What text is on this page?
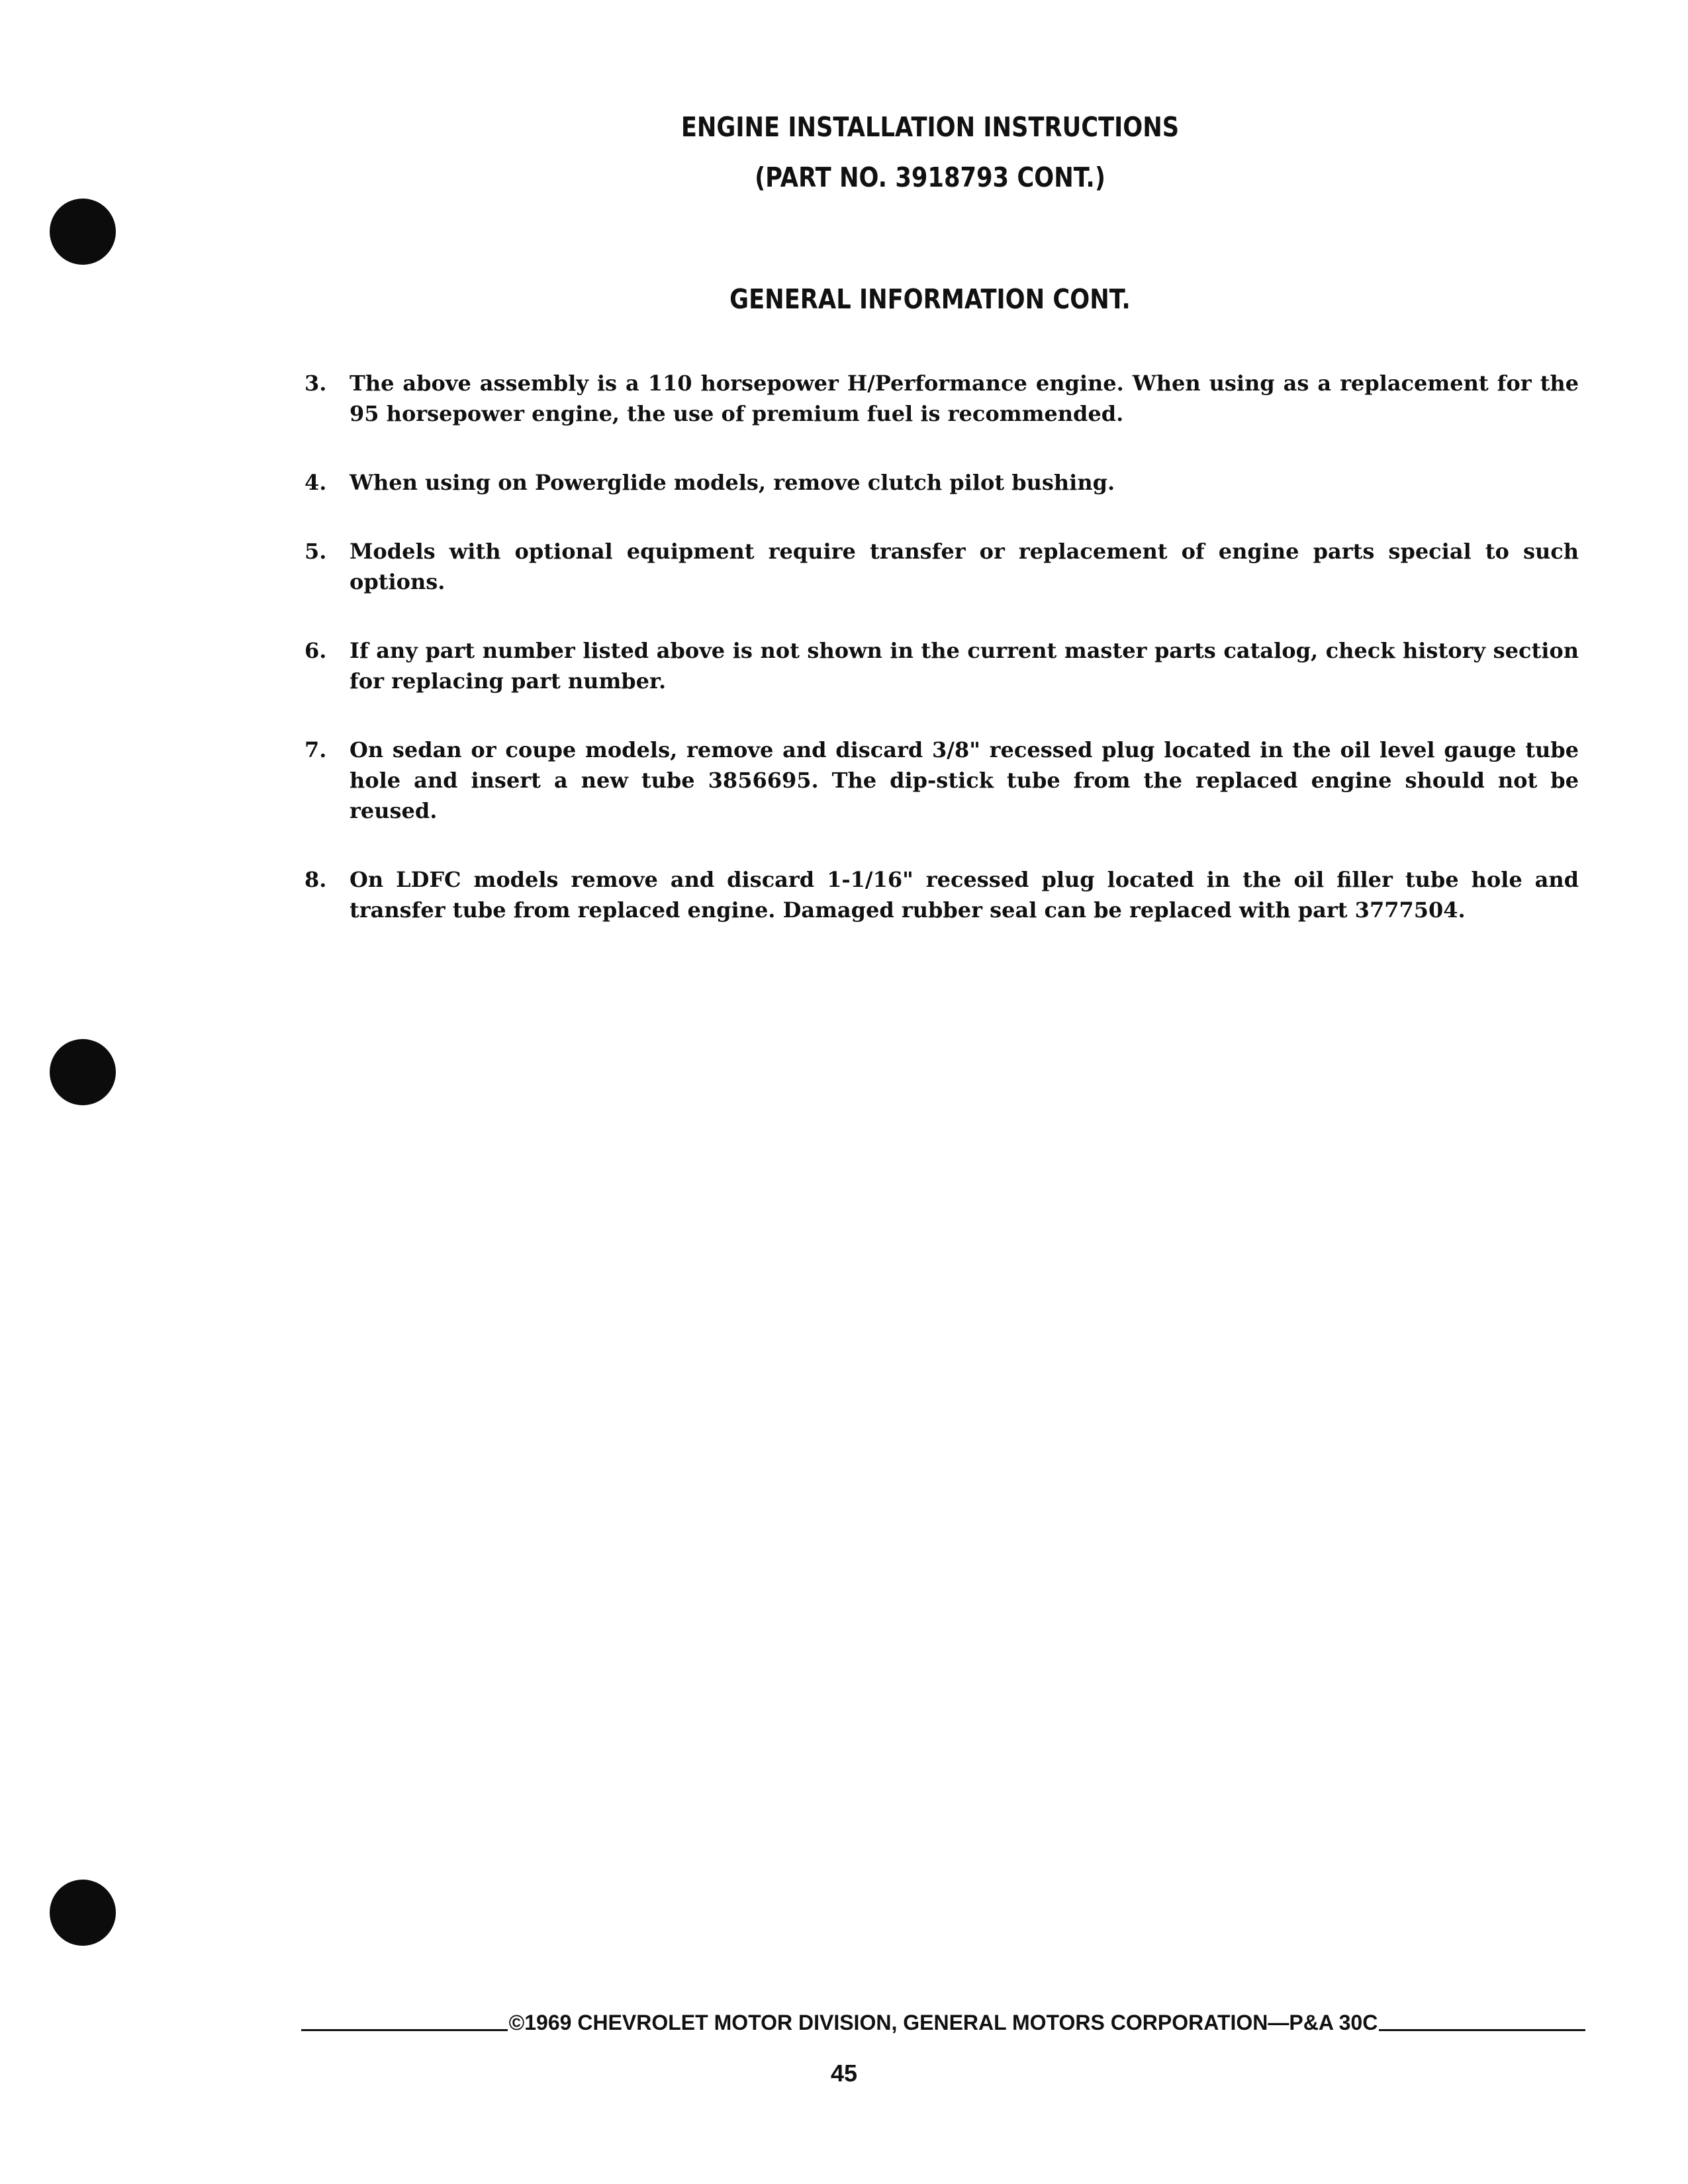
ENGINE INSTALLATION INSTRUCTIONS
(PART NO. 3918793 CONT.)
GENERAL INFORMATION CONT.
3. The above assembly is a 110 horsepower H/Performance engine. When using as a replacement for the 95 horsepower engine, the use of premium fuel is recommended.
4. When using on Powerglide models, remove clutch pilot bushing.
5. Models with optional equipment require transfer or replacement of engine parts special to such options.
6. If any part number listed above is not shown in the current master parts catalog, check history section for replacing part number.
7. On sedan or coupe models, remove and discard 3/8" recessed plug located in the oil level gauge tube hole and insert a new tube 3856695. The dip-stick tube from the replaced engine should not be reused.
8. On LDFC models remove and discard 1-1/16" recessed plug located in the oil filler tube hole and transfer tube from replaced engine. Damaged rubber seal can be replaced with part 3777504.
©1969 CHEVROLET MOTOR DIVISION, GENERAL MOTORS CORPORATION—P&A 30C
45
